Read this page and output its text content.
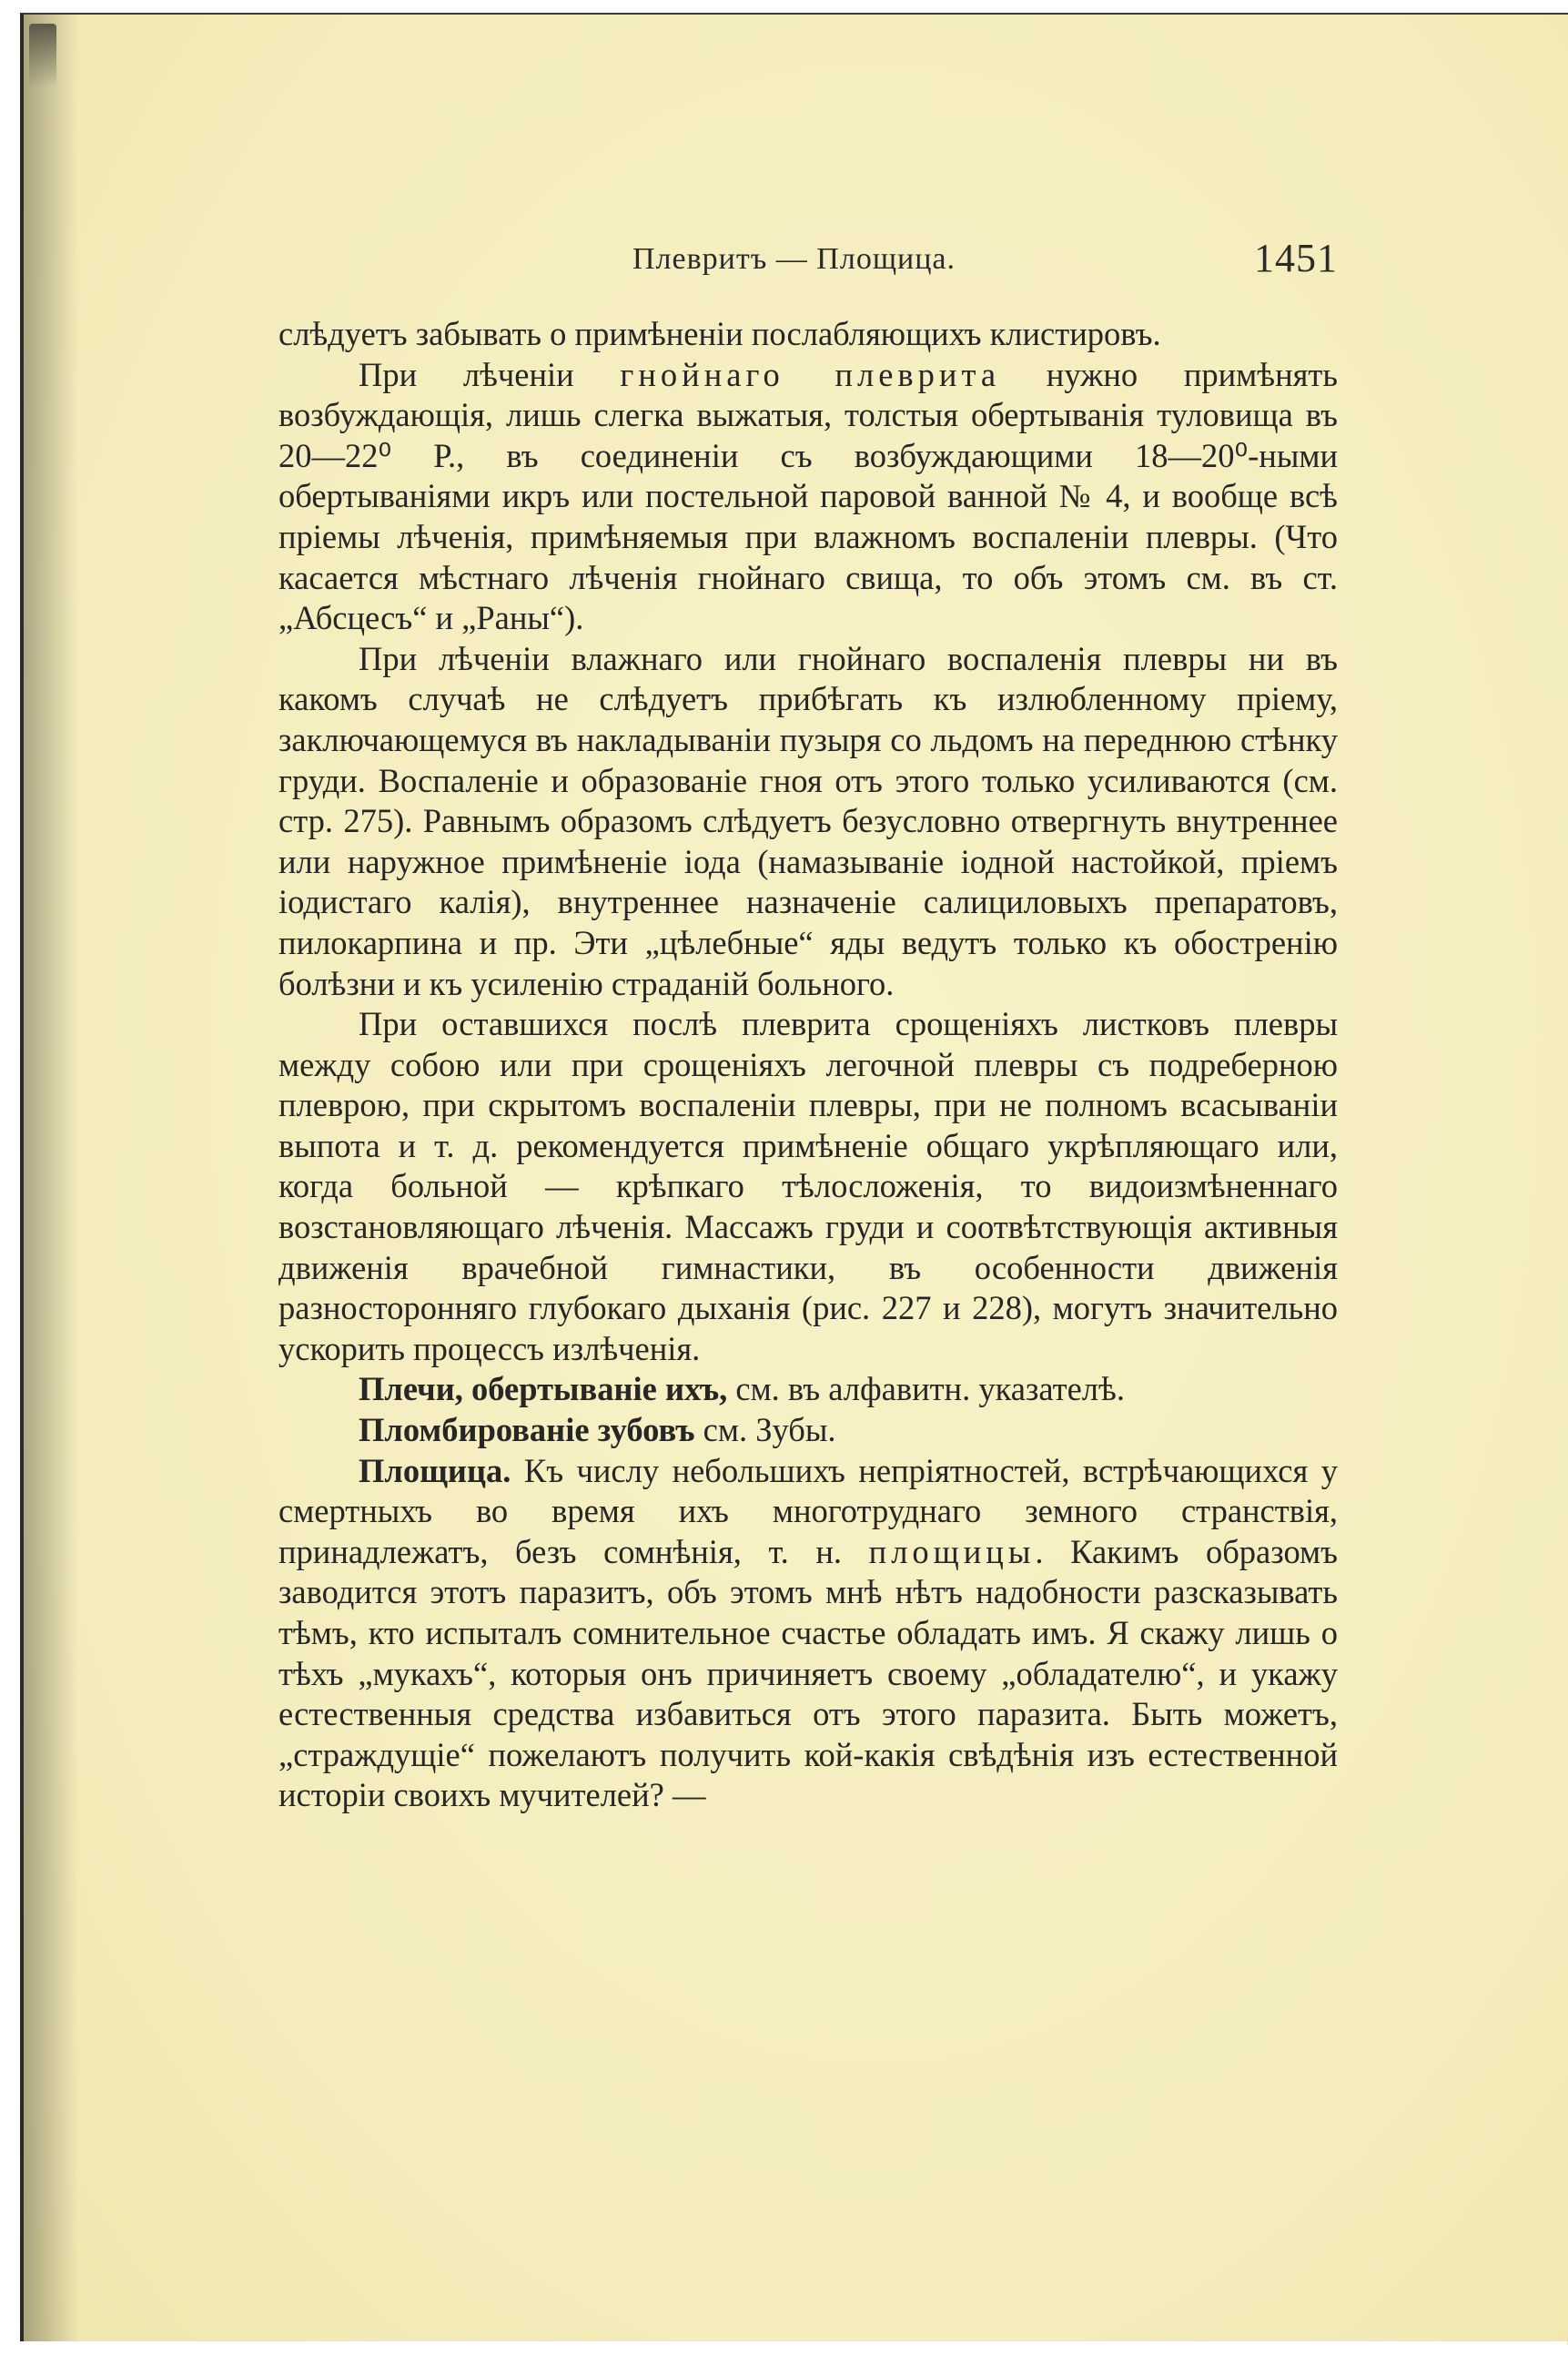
Плевритъ — Площица.	1451

слѣдуетъ забывать о примѣненіи послабляющихъ клистировъ.

При лѣченіи гнойнаго плеврита нужно примѣнять возбуждающія, лишь слегка выжатыя, толстыя обертыванія туловища въ 20—22⁰ Р., въ соединеніи съ возбуждающими 18—20⁰-ными обертываніями икръ или постельной паровой ванной № 4, и вообще всѣ пріемы лѣченія, примѣняемыя при влажномъ воспаленіи плевры. (Что касается мѣстнаго лѣченія гнойнаго свища, то объ этомъ см. въ ст. „Абсцесъ“ и „Раны“).

При лѣченіи влажнаго или гнойнаго воспаленія плевры ни въ какомъ случаѣ не слѣдуетъ прибѣгать къ излюбленному пріему, заключающемуся въ накладываніи пузыря со льдомъ на переднюю стѣнку груди. Воспаленіе и образованіе гноя отъ этого только усиливаются (см. стр. 275). Равнымъ образомъ слѣдуетъ безусловно отвергнуть внутреннее или наружное примѣненіе іода (намазываніе іодной настойкой, пріемъ іодистаго калія), внутреннее назначеніе салициловыхъ препаратовъ, пилокарпина и пр. Эти „цѣлебные“ яды ведутъ только къ обостренію болѣзни и къ усиленію страданій больного.

При оставшихся послѣ плеврита срощеніяхъ листковъ плевры между собою или при срощеніяхъ легочной плевры съ подреберною плеврою, при скрытомъ воспаленіи плевры, при не полномъ всасываніи выпота и т. д. рекомендуется примѣненіе общаго укрѣпляющаго или, когда больной — крѣпкаго тѣлосложенія, то видоизмѣненнаго возстановляющаго лѣченія. Массажъ груди и соотвѣтствующія активныя движенія врачебной гимнастики, въ особенности движенія разносторонняго глубокаго дыханія (рис. 227 и 228), могутъ значительно ускорить процессъ излѣченія.

Плечи, обертываніе ихъ, см. въ алфавитн. указателѣ.

Пломбированіе зубовъ см. Зубы.

Площица. Къ числу небольшихъ непріятностей, встрѣчающихся у смертныхъ во время ихъ многотруднаго земного странствія, принадлежатъ, безъ сомнѣнія, т. н. площицы. Какимъ образомъ заводится этотъ паразитъ, объ этомъ мнѣ нѣтъ надобности разсказывать тѣмъ, кто испыталъ сомнительное счастье обладать имъ. Я скажу лишь о тѣхъ „мукахъ“, которыя онъ причиняетъ своему „обладателю“, и укажу естественныя средства избавиться отъ этого паразита. Быть можетъ, „страждущіе“ пожелаютъ получить кой-какія свѣдѣнія изъ естественной исторіи своихъ мучителей? —
